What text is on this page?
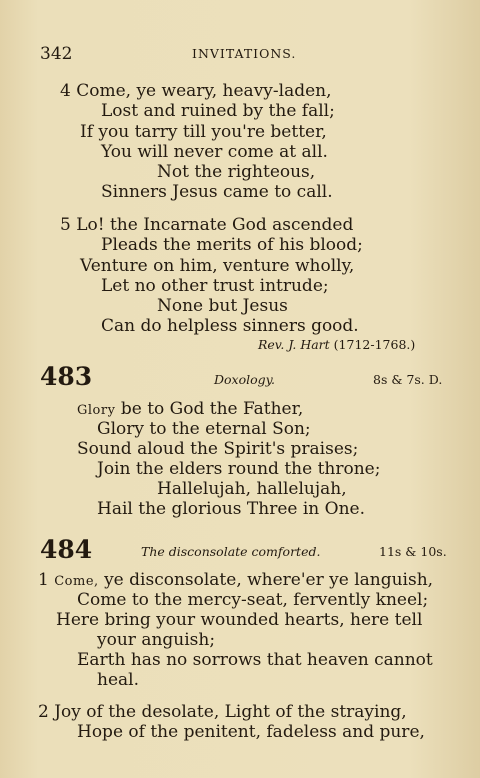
342	INVITATIONS.
4 Come, ye weary, heavy-laden,
Lost and ruined by the fall;
If you tarry till you're better,
You will never come at all.
Not the righteous,
Sinners Jesus came to call.
5 Lo! the Incarnate God ascended
Pleads the merits of his blood;
Venture on him, venture wholly,
Let no other trust intrude;
None but Jesus
Can do helpless sinners good.
Rev. J. Hart (1712-1768.)
483	Doxology.	8s & 7s. D.
Glory be to God the Father,
Glory to the eternal Son;
Sound aloud the Spirit's praises;
Join the elders round the throne;
Hallelujah, hallelujah,
Hail the glorious Three in One.
484	The disconsolate comforted.	11s & 10s.
1 Come, ye disconsolate, where'er ye languish,
Come to the mercy-seat, fervently kneel;
Here bring your wounded hearts, here tell
your anguish;
Earth has no sorrows that heaven cannot
heal.
2 Joy of the desolate, Light of the straying,
Hope of the penitent, fadeless and pure,
